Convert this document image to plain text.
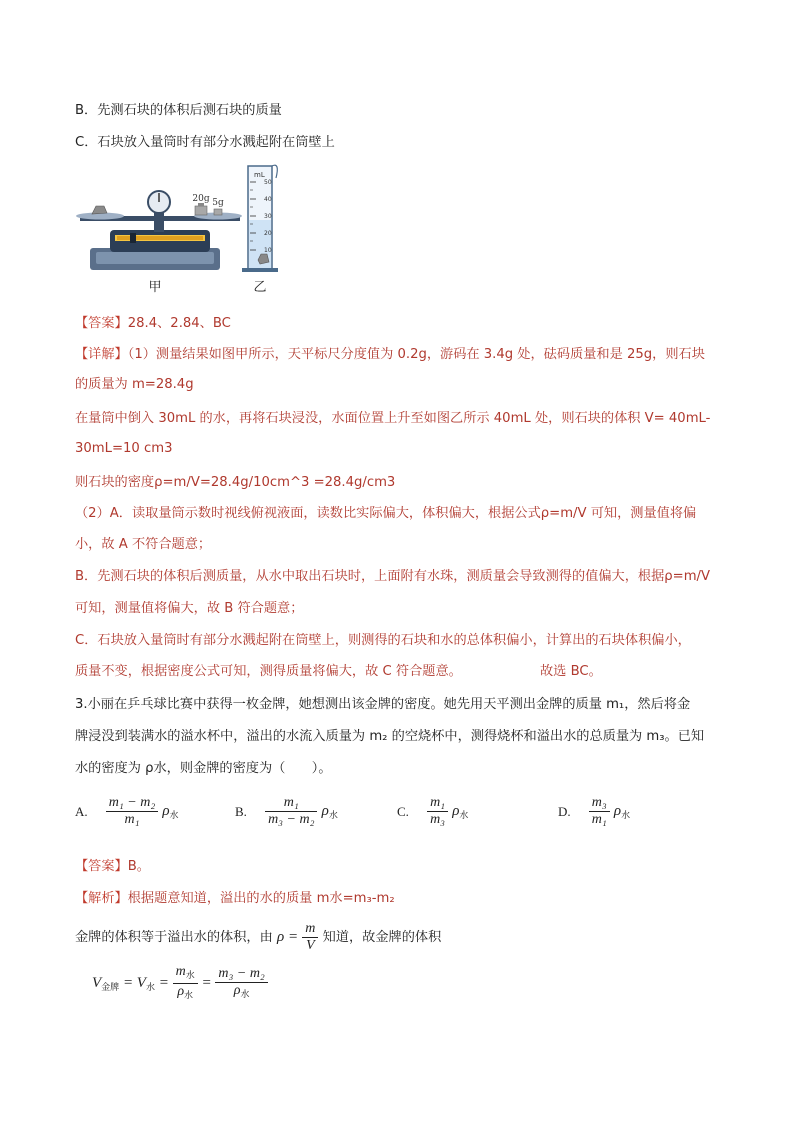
B．先测石块的体积后测石块的质量
C．石块放入量筒时有部分水溅起附在筒壁上
20g 5g
mL
50
40
30
20
10
甲	乙
【答案】28.4、2.84、BC
【详解】（1）测量结果如图甲所示，天平标尺分度值为 0.2g，游码在 3.4g 处，砝码质量和是 25g，则石块
的质量为 m=28.4g
在量筒中倒入 30mL 的水，再将石块浸没，水面位置上升至如图乙所示 40mL 处，则石块的体积 V= 40mL-
30mL=10 cm3
则石块的密度ρ=m/V=28.4g/10cm^3 =28.4g/cm3
（2）A．读取量筒示数时视线俯视液面，读数比实际偏大，体积偏大，根据公式ρ=m/V 可知，测量值将偏
小，故 A 不符合题意；
B．先测石块的体积后测质量，从水中取出石块时，上面附有水珠，测质量会导致测得的值偏大，根据ρ=m/V
可知，测量值将偏大，故 B 符合题意；
C．石块放入量筒时有部分水溅起附在筒壁上，则测得的石块和水的总体积偏小，计算出的石块体积偏小，
质量不变，根据密度公式可知，测得质量将偏大，故 C 符合题意。	故选 BC。
3.小丽在乒乓球比赛中获得一枚金牌，她想测出该金牌的密度。她先用天平测出金牌的质量 m₁，然后将金
牌浸没到装满水的溢水杯中，溢出的水流入质量为 m₂ 的空烧杯中，测得烧杯和溢出水的总质量为 m₃。已知
水的密度为 ρ水，则金牌的密度为（　　）。
A. $\frac{\text{m₁ − m₂}}{\text{m₁}} \rho_水$	B. $\frac{\text{m₁}}{\text{m₃ − m₂}} \rho_水$	C. $\frac{\text{m₁}}{\text{m₃}} \rho_水$	D. $\frac{\text{m₃}}{\text{m₁}} \rho_水$
【答案】B。
【解析】根据题意知道，溢出的水的质量 m水=m₃-m₂
金牌的体积等于溢出水的体积，由 $\rho = \frac{m}{V}$ 知道，故金牌的体积
$V_{金牌} = V_水 = \frac{m_水}{\rho_水} = \frac{\text{m₃ − m₂}}{\rho_水}$
